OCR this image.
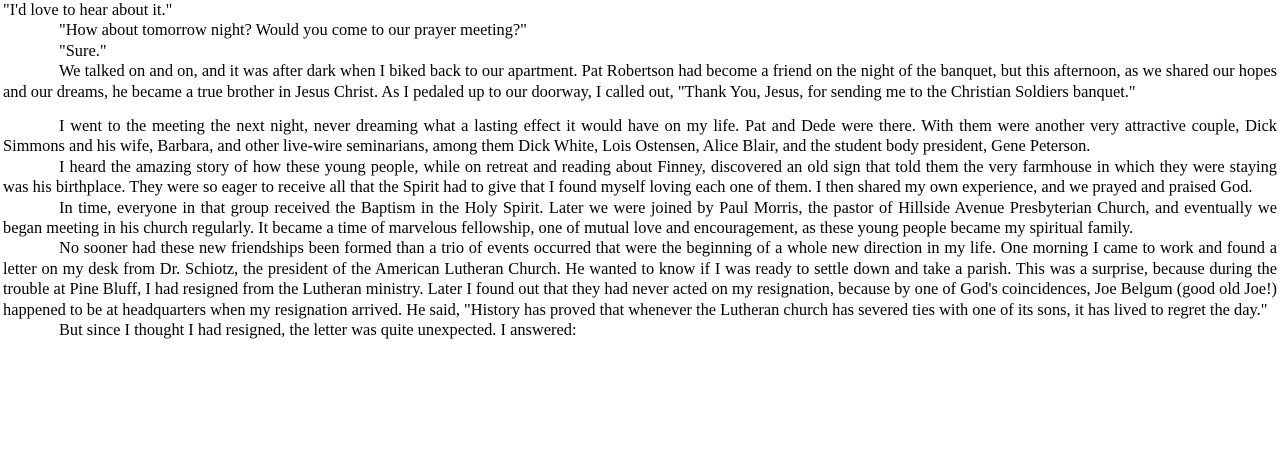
"I'd love to hear about it."

"How about tomorrow night? Would you come to our prayer meeting?"

"Sure."

We talked on and on, and it was after dark when I biked back to our apartment. Pat Robertson had become a friend on the night of the banquet, but this afternoon, as we shared our hopes and our dreams, he became a true brother in Jesus Christ. As I pedaled up to our doorway, I called out, "Thank You, Jesus, for sending me to the Christian Soldiers banquet."

I went to the meeting the next night, never dreaming what a lasting effect it would have on my life. Pat and Dede were there. With them were another very attractive couple, Dick Simmons and his wife, Barbara, and other live-wire seminarians, among them Dick White, Lois Ostensen, Alice Blair, and the student body president, Gene Peterson.

I heard the amazing story of how these young people, while on retreat and reading about Finney, discovered an old sign that told them the very farmhouse in which they were staying was his birthplace. They were so eager to receive all that the Spirit had to give that I found myself loving each one of them. I then shared my own experience, and we prayed and praised God.

In time, everyone in that group received the Baptism in the Holy Spirit. Later we were joined by Paul Morris, the pastor of Hillside Avenue Presbyterian Church, and eventually we began meeting in his church regularly. It became a time of marvelous fellowship, one of mutual love and encouragement, as these young people became my spiritual family.

No sooner had these new friendships been formed than a trio of events occurred that were the beginning of a whole new direction in my life. One morning I came to work and found a letter on my desk from Dr. Schiotz, the president of the American Lutheran Church. He wanted to know if I was ready to settle down and take a parish. This was a surprise, because during the trouble at Pine Bluff, I had resigned from the Lutheran ministry. Later I found out that they had never acted on my resignation, because by one of God's coincidences, Joe Belgum (good old Joe!) happened to be at headquarters when my resignation arrived. He said, "History has proved that whenever the Lutheran church has severed ties with one of its sons, it has lived to regret the day."

But since I thought I had resigned, the letter was quite unexpected. I answered:
